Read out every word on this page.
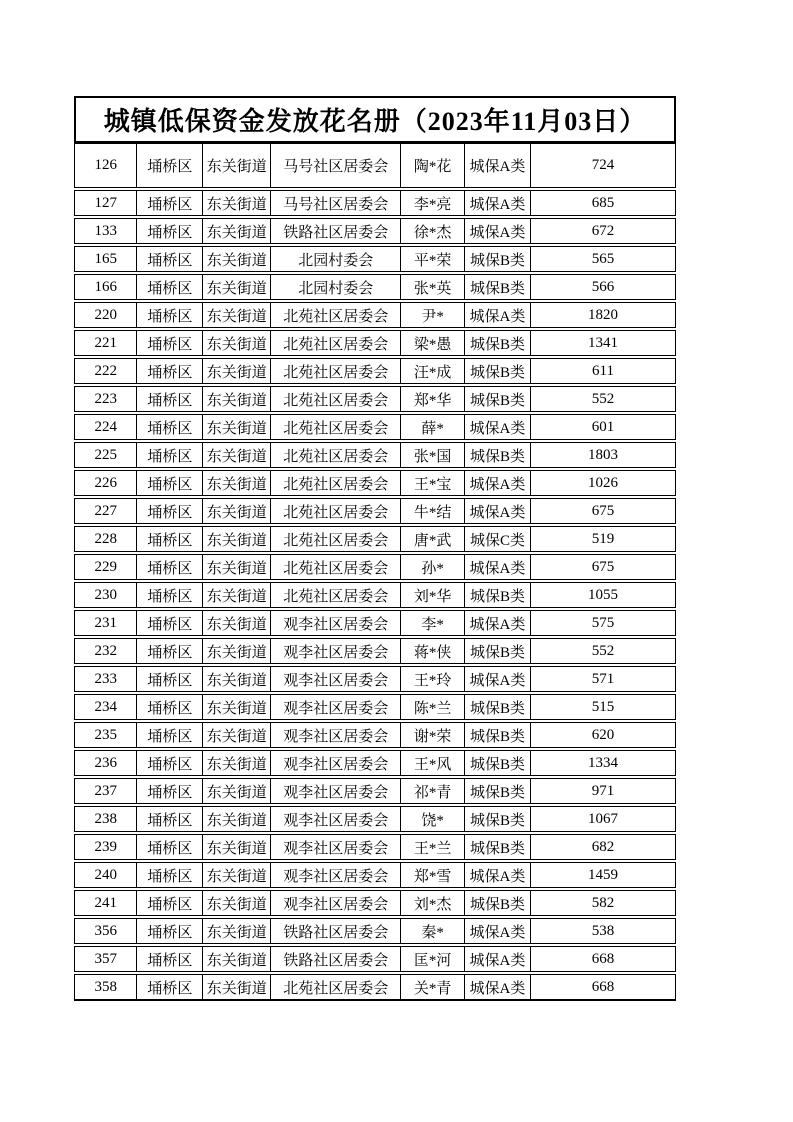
城镇低保资金发放花名册（2023年11月03日）
126	埇桥区 东关街道	马号社区居委会	陶*花	城保A类	724
127	埇桥区 东关街道	马号社区居委会	李*亮	城保A类	685
133	埇桥区 东关街道	铁路社区居委会	徐*杰	城保A类	672
165	埇桥区 东关街道	北园村委会	平*荣	城保B类	565
166	埇桥区 东关街道	北园村委会	张*英	城保B类	566
220	埇桥区 东关街道	北苑社区居委会	尹*	城保A类	1820
221	埇桥区 东关街道	北苑社区居委会	梁*愚	城保B类	1341
222	埇桥区 东关街道	北苑社区居委会	汪*成	城保B类	611
223	埇桥区 东关街道	北苑社区居委会	郑*华	城保B类	552
224	埇桥区 东关街道	北苑社区居委会	薛*	城保A类	601
225	埇桥区 东关街道	北苑社区居委会	张*国	城保B类	1803
226	埇桥区 东关街道	北苑社区居委会	王*宝	城保A类	1026
227	埇桥区 东关街道	北苑社区居委会	牛*结	城保A类	675
228	埇桥区 东关街道	北苑社区居委会	唐*武	城保C类	519
229	埇桥区 东关街道	北苑社区居委会	孙*	城保A类	675
230	埇桥区 东关街道	北苑社区居委会	刘*华	城保B类	1055
231	埇桥区 东关街道	观李社区居委会	李*	城保A类	575
232	埇桥区 东关街道	观李社区居委会	蒋*侠	城保B类	552
233	埇桥区 东关街道	观李社区居委会	王*玲	城保A类	571
234	埇桥区 东关街道	观李社区居委会	陈*兰	城保B类	515
235	埇桥区 东关街道	观李社区居委会	谢*荣	城保B类	620
236	埇桥区 东关街道	观李社区居委会	王*风	城保B类	1334
237	埇桥区 东关街道	观李社区居委会	祁*青	城保B类	971
238	埇桥区 东关街道	观李社区居委会	饶*	城保B类	1067
239	埇桥区 东关街道	观李社区居委会	王*兰	城保B类	682
240	埇桥区 东关街道	观李社区居委会	郑*雪	城保A类	1459
241	埇桥区 东关街道	观李社区居委会	刘*杰	城保B类	582
356	埇桥区 东关街道	铁路社区居委会	秦*	城保A类	538
357	埇桥区 东关街道	铁路社区居委会	匡*河	城保A类	668
358	埇桥区 东关街道	北苑社区居委会	关*青	城保A类	668
